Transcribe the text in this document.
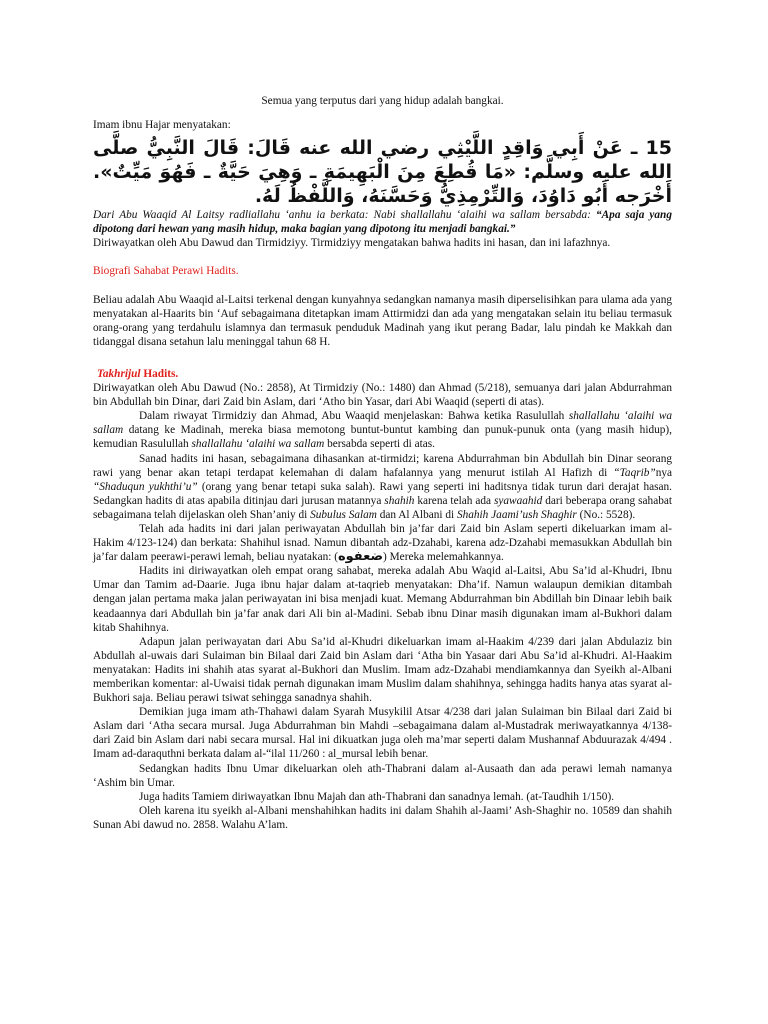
Semua yang terputus dari yang hidup adalah bangkai.

Imam ibnu Hajar menyatakan:

15 ـ عَنْ أَبِي وَاقِدٍ اللَّيْثِي رضي الله عنه قَالَ: قَالَ النَّبِيُّ صلَّى الله عليه وسلَّم: «مَا قُطِعَ مِنَ الْبَهِيمَةِ ـ وَهِيَ حَيَّةٌ ـ فَهُوَ مَيِّتٌ». أَخْرَجه أَبُو دَاوُدَ، وَالتِّرْمِذِيُّ وَحَسَّنَهُ، وَاللَّفْظُ لَهُ.

Dari Abu Waaqid Al Laitsy radliallahu ‘anhu ia berkata: Nabi shallallahu ‘alaihi wa sallam bersabda: “Apa saja yang dipotong dari hewan yang masih hidup, maka bagian yang dipotong itu menjadi bangkai.”

Diriwayatkan oleh Abu Dawud dan Tirmidziyy. Tirmidziyy mengatakan bahwa hadits ini hasan, dan ini lafazhnya.

Biografi Sahabat Perawi Hadits.

Beliau adalah Abu Waaqid al-Laitsi terkenal dengan kunyahnya sedangkan namanya masih diperselisihkan para ulama ada yang menyatakan al-Haarits bin ‘Auf sebagaimana ditetapkan imam Attirmidzi dan ada yang mengatakan selain itu beliau termasuk orang-orang yang terdahulu islamnya dan termasuk penduduk Madinah yang ikut perang Badar, lalu pindah ke Makkah dan tidanggal disana setahun lalu meninggal tahun 68 H.

Takhrijul Hadits.

Diriwayatkan oleh Abu Dawud (No.: 2858), At Tirmidziy (No.: 1480) dan Ahmad (5/218), semuanya dari jalan Abdurrahman bin Abdullah bin Dinar, dari Zaid bin Aslam, dari ‘Atho bin Yasar, dari Abi Waaqid (seperti di atas).

Dalam riwayat Tirmidziy dan Ahmad, Abu Waaqid menjelaskan: Bahwa ketika Rasulullah shallallahu ‘alaihi wa sallam datang ke Madinah, mereka biasa memotong buntut-buntut kambing dan punuk-punuk onta (yang masih hidup), kemudian Rasulullah shallallahu ‘alaihi wa sallam bersabda seperti di atas.

Sanad hadits ini hasan, sebagaimana dihasankan at-tirmidzi; karena Abdurrahman bin Abdullah bin Dinar seorang rawi yang benar akan tetapi terdapat kelemahan di dalam hafalannya yang menurut istilah Al Hafizh di “Taqrib”nya “Shaduqun yukhthi’u” (orang yang benar tetapi suka salah). Rawi yang seperti ini haditsnya tidak turun dari derajat hasan. Sedangkan hadits di atas apabila ditinjau dari jurusan matannya shahih karena telah ada syawaahid dari beberapa orang sahabat sebagaimana telah dijelaskan oleh Shan’aniy di Subulus Salam dan Al Albani di Shahih Jaami’ush Shaghir (No.: 5528).

Telah ada hadits ini dari jalan periwayatan Abdullah bin ja’far dari Zaid bin Aslam seperti dikeluarkan imam al-Hakim 4/123-124) dan berkata: Shahihul isnad. Namun dibantah adz-Dzahabi, karena adz-Dzahabi memasukkan Abdullah bin ja’far dalam peerawi-perawi lemah, beliau nyatakan: (ضعفوه) Mereka melemahkannya.

Hadits ini diriwayatkan oleh empat orang sahabat, mereka adalah Abu Waqid al-Laitsi, Abu Sa’id al-Khudri, Ibnu Umar dan Tamim ad-Daarie. Juga ibnu hajar dalam at-taqrieb menyatakan: Dha’if. Namun walaupun demikian ditambah dengan jalan pertama maka jalan periwayatan ini bisa menjadi kuat. Memang Abdurrahman bin Abdillah bin Dinaar lebih baik keadaannya dari Abdullah bin ja’far anak dari Ali bin al-Madini. Sebab ibnu Dinar masih digunakan imam al-Bukhori dalam kitab Shahihnya.

Adapun jalan periwayatan dari Abu Sa’id al-Khudri dikeluarkan imam al-Haakim 4/239 dari jalan Abdulaziz bin Abdullah al-uwais dari Sulaiman bin Bilaal dari Zaid bin Aslam dari ‘Atha bin Yasaar dari Abu Sa’id al-Khudri. Al-Haakim menyatakan: Hadits ini shahih atas syarat al-Bukhori dan Muslim. Imam adz-Dzahabi mendiamkannya dan Syeikh al-Albani memberikan komentar: al-Uwaisi tidak pernah digunakan imam Muslim dalam shahihnya, sehingga hadits hanya atas syarat al-Bukhori saja. Beliau perawi tsiwat sehingga sanadnya shahih.

Demikian juga imam ath-Thahawi dalam Syarah Musykilil Atsar 4/238 dari jalan Sulaiman bin Bilaal dari Zaid bi Aslam dari ‘Atha secara mursal. Juga Abdurrahman bin Mahdi –sebagaimana dalam al-Mustadrak meriwayatkannya 4/138- dari Zaid bin Aslam dari nabi secara mursal. Hal ini dikuatkan juga oleh ma’mar seperti dalam Mushannaf Abduurazak 4/494 . Imam ad-daraquthni berkata dalam al-“ilal 11/260 : al_mursal lebih benar.

Sedangkan hadits Ibnu Umar dikeluarkan oleh ath-Thabrani dalam al-Ausaath dan ada perawi lemah namanya ‘Ashim bin Umar.

Juga hadits Tamiem diriwayatkan Ibnu Majah dan ath-Thabrani dan sanadnya lemah. (at-Taudhih 1/150).

Oleh karena itu syeikh al-Albani menshahihkan hadits ini dalam Shahih al-Jaami’ Ash-Shaghir no. 10589 dan shahih Sunan Abi dawud no. 2858. Walahu A’lam.
